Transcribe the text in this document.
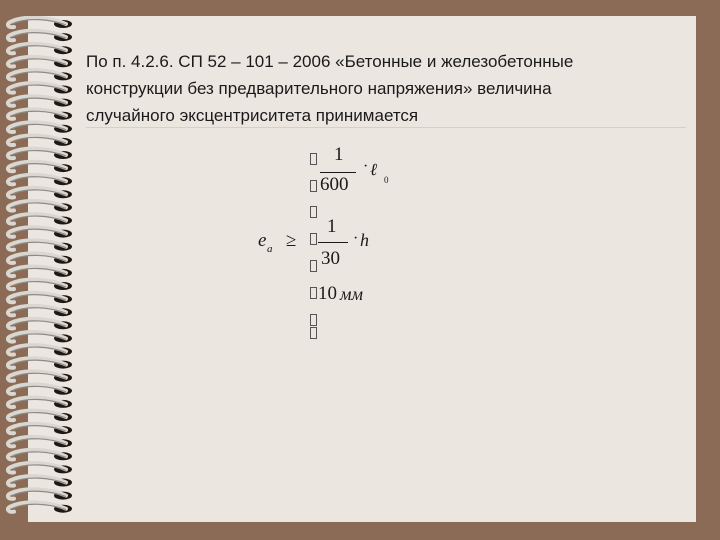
По п. 4.2.6. СП 52 – 101 – 2006 «Бетонные и железобетонные
конструкции без предварительного напряжения» величина
случайного эксцентриситета принимается
1
600
· ℓ
0
e a ≥
1
30
· h
10 мм
